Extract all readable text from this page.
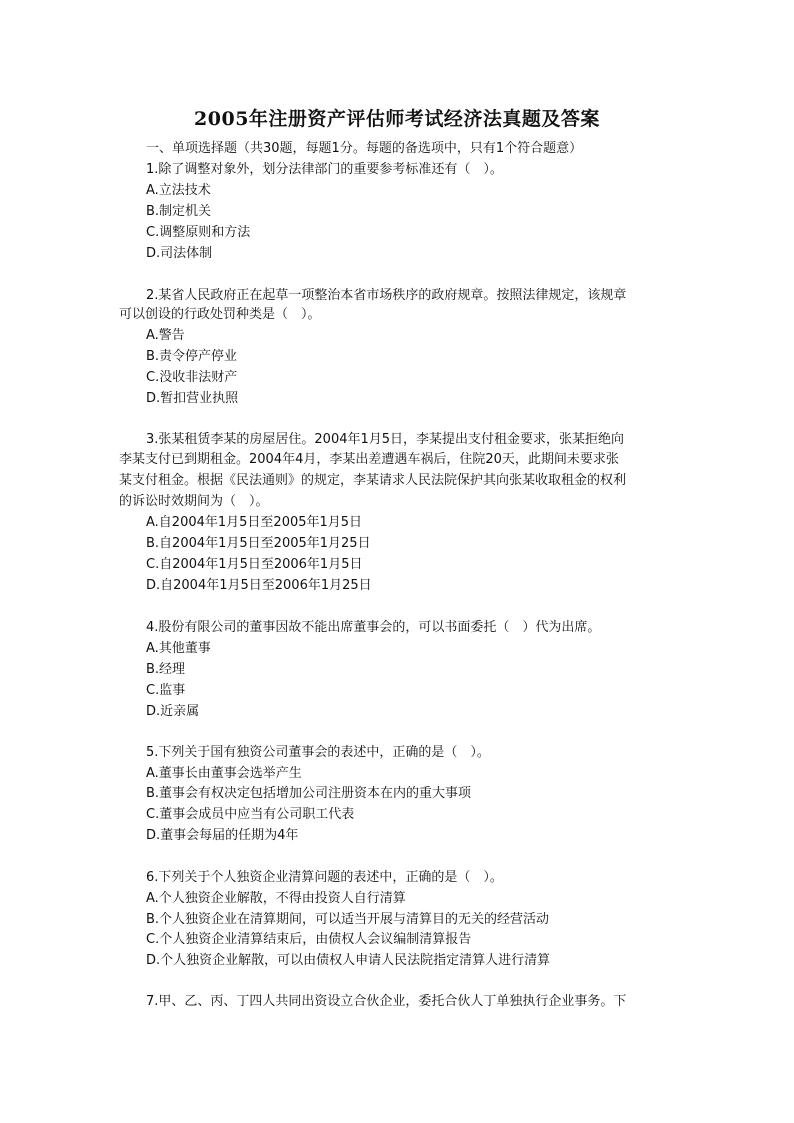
2005年注册资产评估师考试经济法真题及答案
一、单项选择题（共30题，每题1分。每题的备选项中，只有1个符合题意）
1.除了调整对象外，划分法律部门的重要参考标准还有（　）。
A.立法技术
B.制定机关
C.调整原则和方法
D.司法体制
2.某省人民政府正在起草一项整治本省市场秩序的政府规章。按照法律规定，该规章
可以创设的行政处罚种类是（　）。
A.警告
B.责令停产停业
C.没收非法财产
D.暂扣营业执照
3.张某租赁李某的房屋居住。2004年1月5日，李某提出支付租金要求，张某拒绝向
李某支付已到期租金。2004年4月，李某出差遭遇车祸后，住院20天，此期间未要求张
某支付租金。根据《民法通则》的规定，李某请求人民法院保护其向张某收取租金的权利
的诉讼时效期间为（　）。
A.自2004年1月5日至2005年1月5日
B.自2004年1月5日至2005年1月25日
C.自2004年1月5日至2006年1月5日
D.自2004年1月5日至2006年1月25日
4.股份有限公司的董事因故不能出席董事会的，可以书面委托（　）代为出席。
A.其他董事
B.经理
C.监事
D.近亲属
5.下列关于国有独资公司董事会的表述中，正确的是（　）。
A.董事长由董事会选举产生
B.董事会有权决定包括增加公司注册资本在内的重大事项
C.董事会成员中应当有公司职工代表
D.董事会每届的任期为4年
6.下列关于个人独资企业清算问题的表述中，正确的是（　）。
A.个人独资企业解散，不得由投资人自行清算
B.个人独资企业在清算期间，可以适当开展与清算目的无关的经营活动
C.个人独资企业清算结束后，由债权人会议编制清算报告
D.个人独资企业解散，可以由债权人申请人民法院指定清算人进行清算
7.甲、乙、丙、丁四人共同出资设立合伙企业，委托合伙人丁单独执行企业事务。下
